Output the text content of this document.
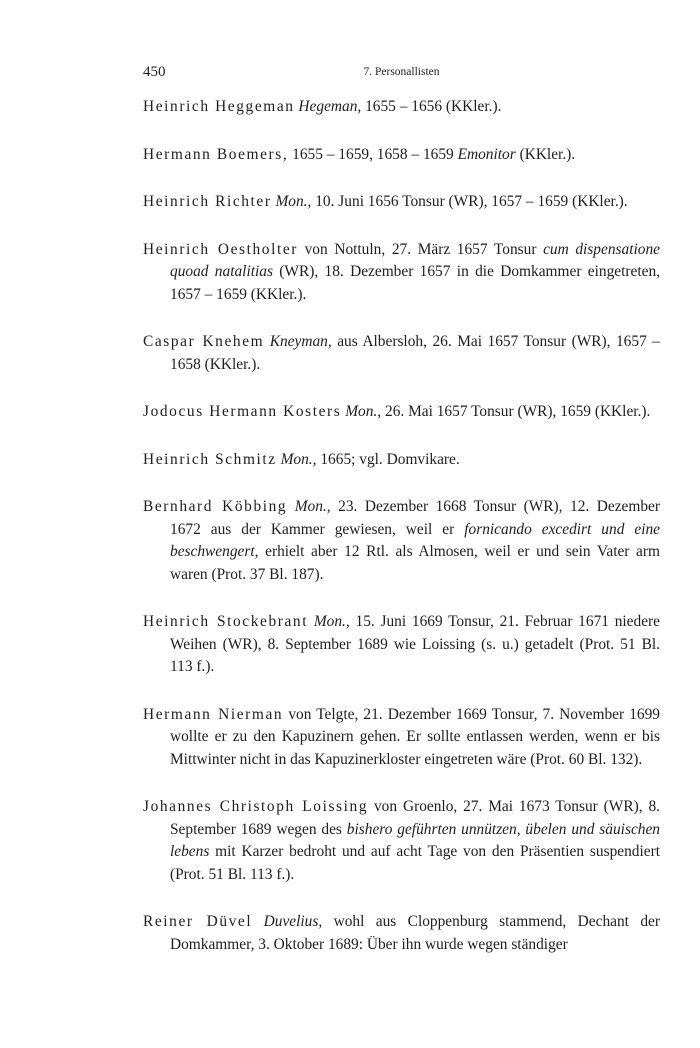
450	7. Personallisten

Heinrich Heggeman Hegeman, 1655 – 1656 (KKler.).

Hermann Boemers, 1655 – 1659, 1658 – 1659 Emonitor (KKler.).

Heinrich Richter Mon., 10. Juni 1656 Tonsur (WR), 1657 – 1659 (KKler.).

Heinrich Oestholter von Nottuln, 27. März 1657 Tonsur cum dispensatione quoad natalitias (WR), 18. Dezember 1657 in die Domkammer eingetreten, 1657 – 1659 (KKler.).

Caspar Knehem Kneyman, aus Albersloh, 26. Mai 1657 Tonsur (WR), 1657 – 1658 (KKler.).

Jodocus Hermann Kosters Mon., 26. Mai 1657 Tonsur (WR), 1659 (KKler.).

Heinrich Schmitz Mon., 1665; vgl. Domvikare.

Bernhard Köbbing Mon., 23. Dezember 1668 Tonsur (WR), 12. Dezember 1672 aus der Kammer gewiesen, weil er fornicando excedirt und eine beschwengert, erhielt aber 12 Rtl. als Almosen, weil er und sein Vater arm waren (Prot. 37 Bl. 187).

Heinrich Stockebrant Mon., 15. Juni 1669 Tonsur, 21. Februar 1671 niedere Weihen (WR), 8. September 1689 wie Loissing (s. u.) getadelt (Prot. 51 Bl. 113 f.).

Hermann Nierman von Telgte, 21. Dezember 1669 Tonsur, 7. November 1699 wollte er zu den Kapuzinern gehen. Er sollte entlassen werden, wenn er bis Mittwinter nicht in das Kapuzinerkloster eingetreten wäre (Prot. 60 Bl. 132).

Johannes Christoph Loissing von Groenlo, 27. Mai 1673 Tonsur (WR), 8. September 1689 wegen des bishero geführten unnützen, übelen und säuischen lebens mit Karzer bedroht und auf acht Tage von den Präsentien suspendiert (Prot. 51 Bl. 113 f.).

Reiner Düvel Duvelius, wohl aus Cloppenburg stammend, Dechant der Domkammer, 3. Oktober 1689: Über ihn wurde wegen ständiger
